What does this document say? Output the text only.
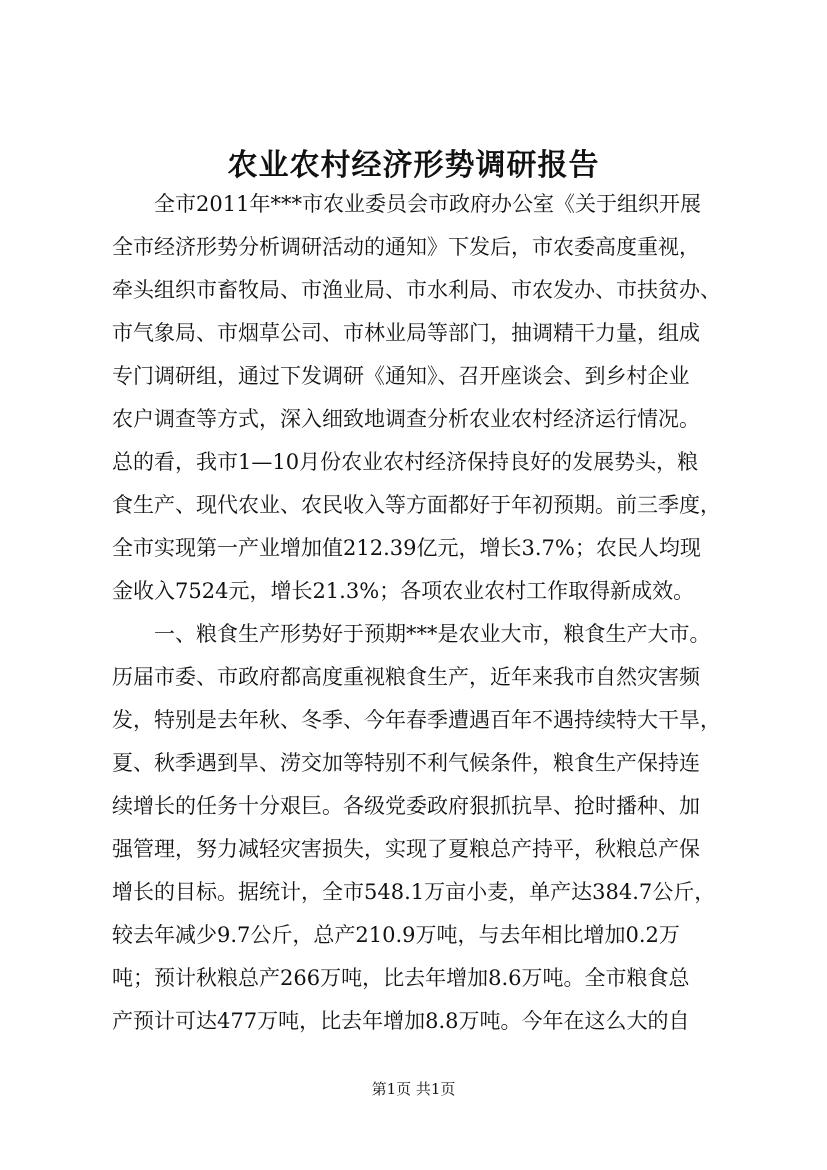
农业农村经济形势调研报告
　　全市2011年***市农业委员会市政府办公室《关于组织开展
全市经济形势分析调研活动的通知》下发后，市农委高度重视，
牵头组织市畜牧局、市渔业局、市水利局、市农发办、市扶贫办、
市气象局、市烟草公司、市林业局等部门，抽调精干力量，组成
专门调研组，通过下发调研《通知》、召开座谈会、到乡村企业
农户调查等方式，深入细致地调查分析农业农村经济运行情况。
总的看，我市1—10月份农业农村经济保持良好的发展势头，粮
食生产、现代农业、农民收入等方面都好于年初预期。前三季度，
全市实现第一产业增加值212.39亿元，增长3.7%；农民人均现
金收入7524元，增长21.3%；各项农业农村工作取得新成效。
　　一、粮食生产形势好于预期***是农业大市，粮食生产大市。
历届市委、市政府都高度重视粮食生产，近年来我市自然灾害频
发，特别是去年秋、冬季、今年春季遭遇百年不遇持续特大干旱，
夏、秋季遇到旱、涝交加等特别不利气候条件，粮食生产保持连
续增长的任务十分艰巨。各级党委政府狠抓抗旱、抢时播种、加
强管理，努力减轻灾害损失，实现了夏粮总产持平，秋粮总产保
增长的目标。据统计，全市548.1万亩小麦，单产达384.7公斤，
较去年减少9.7公斤，总产210.9万吨，与去年相比增加0.2万
吨；预计秋粮总产266万吨，比去年增加8.6万吨。全市粮食总
产预计可达477万吨，比去年增加8.8万吨。今年在这么大的自
第1页 共1页
